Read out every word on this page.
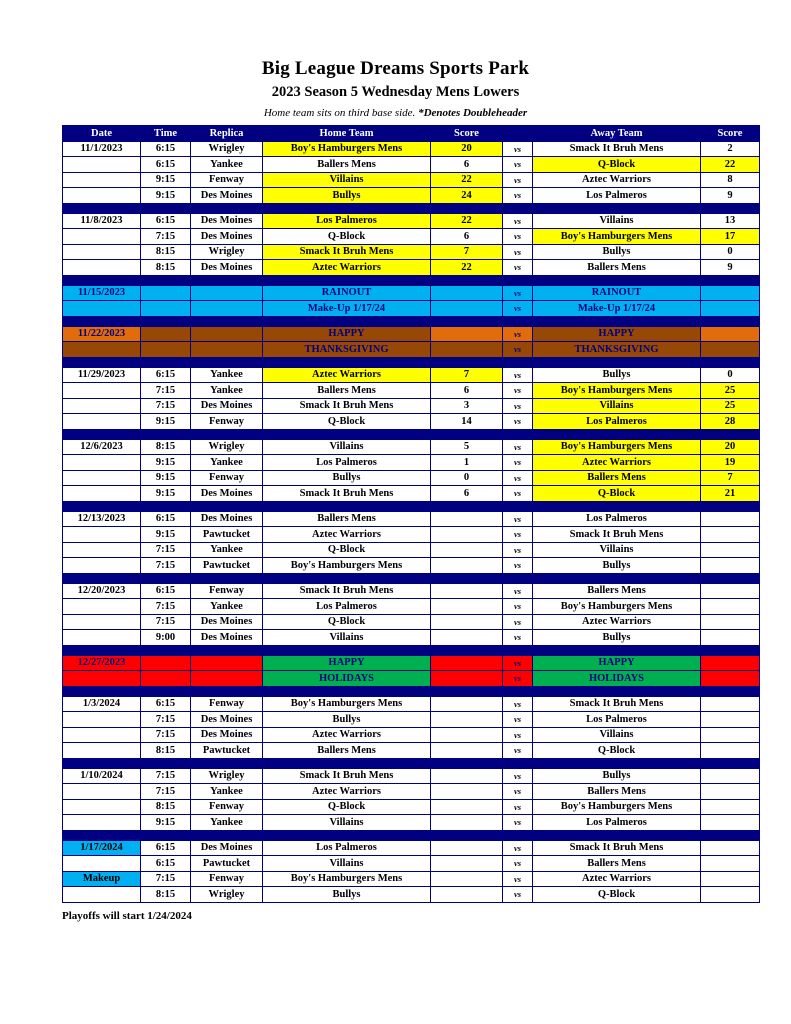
Big League Dreams Sports Park
2023 Season 5 Wednesday Mens Lowers
Home team sits on third base side. *Denotes Doubleheader
Date	Time	Replica	Home Team	Score		Away Team	Score
11/1/2023	6:15	Wrigley	Boy's Hamburgers Mens	20	vs	Smack It Bruh Mens	2
	6:15	Yankee	Ballers Mens	6	vs	Q-Block	22
	9:15	Fenway	Villains	22	vs	Aztec Warriors	8
	9:15	Des Moines	Bullys	24	vs	Los Palmeros	9

11/8/2023	6:15	Des Moines	Los Palmeros	22	vs	Villains	13
	7:15	Des Moines	Q-Block	6	vs	Boy's Hamburgers Mens	17
	8:15	Wrigley	Smack It Bruh Mens	7	vs	Bullys	0
	8:15	Des Moines	Aztec Warriors	22	vs	Ballers Mens	9

11/15/2023			RAINOUT		vs	RAINOUT	
			Make-Up 1/17/24		vs	Make-Up 1/17/24	

11/22/2023			HAPPY		vs	HAPPY	
			THANKSGIVING		vs	THANKSGIVING	

11/29/2023	6:15	Yankee	Aztec Warriors	7	vs	Bullys	0
	7:15	Yankee	Ballers Mens	6	vs	Boy's Hamburgers Mens	25
	7:15	Des Moines	Smack It Bruh Mens	3	vs	Villains	25
	9:15	Fenway	Q-Block	14	vs	Los Palmeros	28

12/6/2023	8:15	Wrigley	Villains	5	vs	Boy's Hamburgers Mens	20
	9:15	Yankee	Los Palmeros	1	vs	Aztec Warriors	19
	9:15	Fenway	Bullys	0	vs	Ballers Mens	7
	9:15	Des Moines	Smack It Bruh Mens	6	vs	Q-Block	21

12/13/2023	6:15	Des Moines	Ballers Mens		vs	Los Palmeros	
	9:15	Pawtucket	Aztec Warriors		vs	Smack It Bruh Mens	
	7:15	Yankee	Q-Block		vs	Villains	
	7:15	Pawtucket	Boy's Hamburgers Mens		vs	Bullys	

12/20/2023	6:15	Fenway	Smack It Bruh Mens		vs	Ballers Mens	
	7:15	Yankee	Los Palmeros		vs	Boy's Hamburgers Mens	
	7:15	Des Moines	Q-Block		vs	Aztec Warriors	
	9:00	Des Moines	Villains		vs	Bullys	

12/27/2023			HAPPY		vs	HAPPY	
			HOLIDAYS		vs	HOLIDAYS	

1/3/2024	6:15	Fenway	Boy's Hamburgers Mens		vs	Smack It Bruh Mens	
	7:15	Des Moines	Bullys		vs	Los Palmeros	
	7:15	Des Moines	Aztec Warriors		vs	Villains	
	8:15	Pawtucket	Ballers Mens		vs	Q-Block	

1/10/2024	7:15	Wrigley	Smack It Bruh Mens		vs	Bullys	
	7:15	Yankee	Aztec Warriors		vs	Ballers Mens	
	8:15	Fenway	Q-Block		vs	Boy's Hamburgers Mens	
	9:15	Yankee	Villains		vs	Los Palmeros	

1/17/2024	6:15	Des Moines	Los Palmeros		vs	Smack It Bruh Mens	
	6:15	Pawtucket	Villains		vs	Ballers Mens	
Makeup	7:15	Fenway	Boy's Hamburgers Mens		vs	Aztec Warriors	
	8:15	Wrigley	Bullys		vs	Q-Block	
Playoffs will start 1/24/2024
